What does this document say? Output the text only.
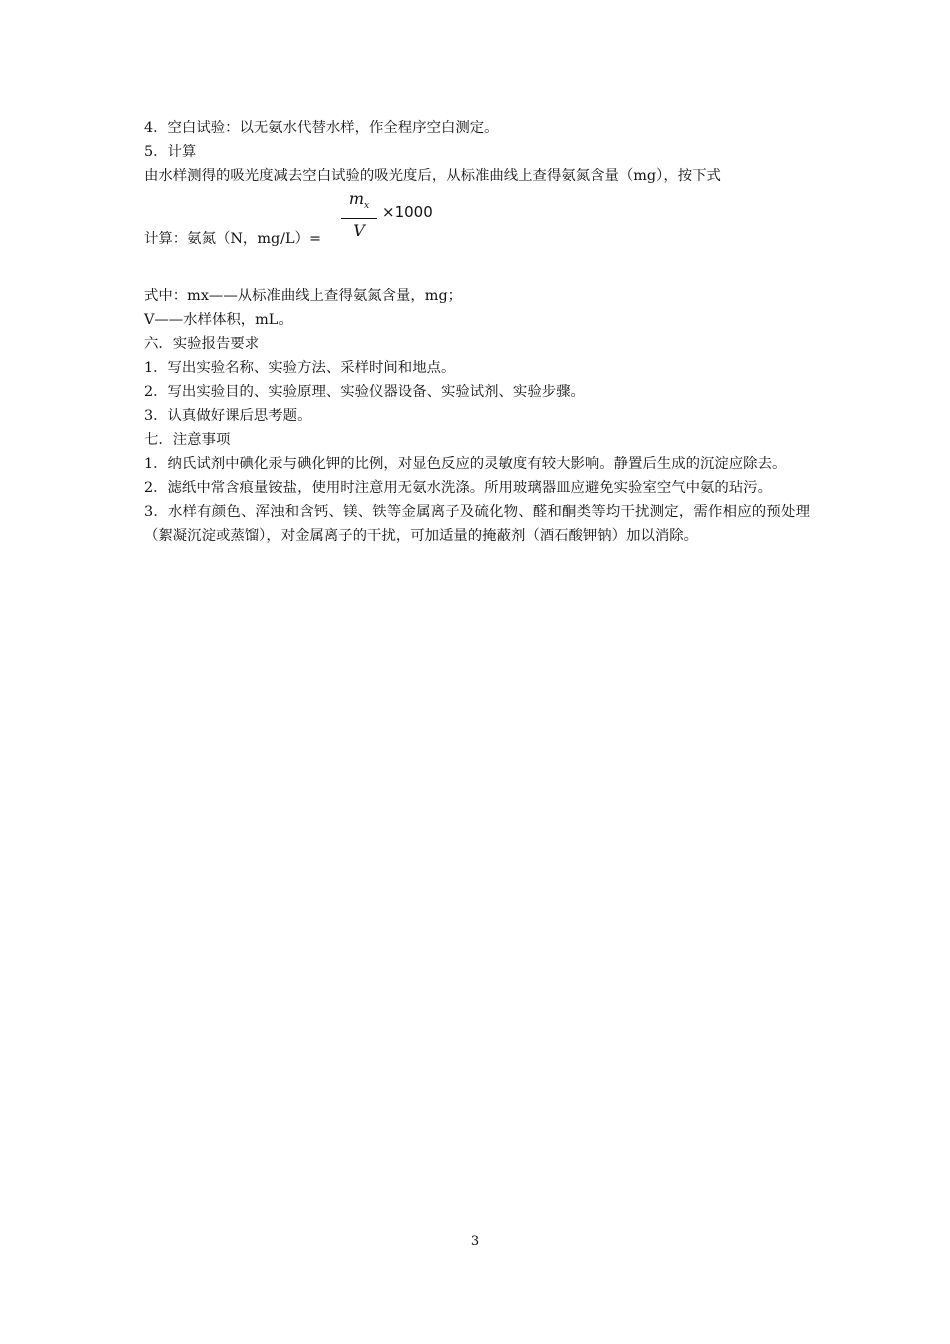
4．空白试验：以无氨水代替水样，作全程序空白测定。
5．计算
由水样测得的吸光度减去空白试验的吸光度后，从标准曲线上查得氨氮含量（mg），按下式
计算：氨氮（N，mg/L）=
$m_x$
V
×1000
式中：mx——从标准曲线上查得氨氮含量，mg；
V——水样体积，mL。
六．实验报告要求
1．写出实验名称、实验方法、采样时间和地点。
2．写出实验目的、实验原理、实验仪器设备、实验试剂、实验步骤。
3．认真做好课后思考题。
七．注意事项
1．纳氏试剂中碘化汞与碘化钾的比例，对显色反应的灵敏度有较大影响。静置后生成的沉淀应除去。
2．滤纸中常含痕量铵盐，使用时注意用无氨水洗涤。所用玻璃器皿应避免实验室空气中氨的玷污。
3．水样有颜色、浑浊和含钙、镁、铁等金属离子及硫化物、醛和酮类等均干扰测定，需作相应的预处理（絮凝沉淀或蒸馏），对金属离子的干扰，可加适量的掩蔽剂（酒石酸钾钠）加以消除。
3
